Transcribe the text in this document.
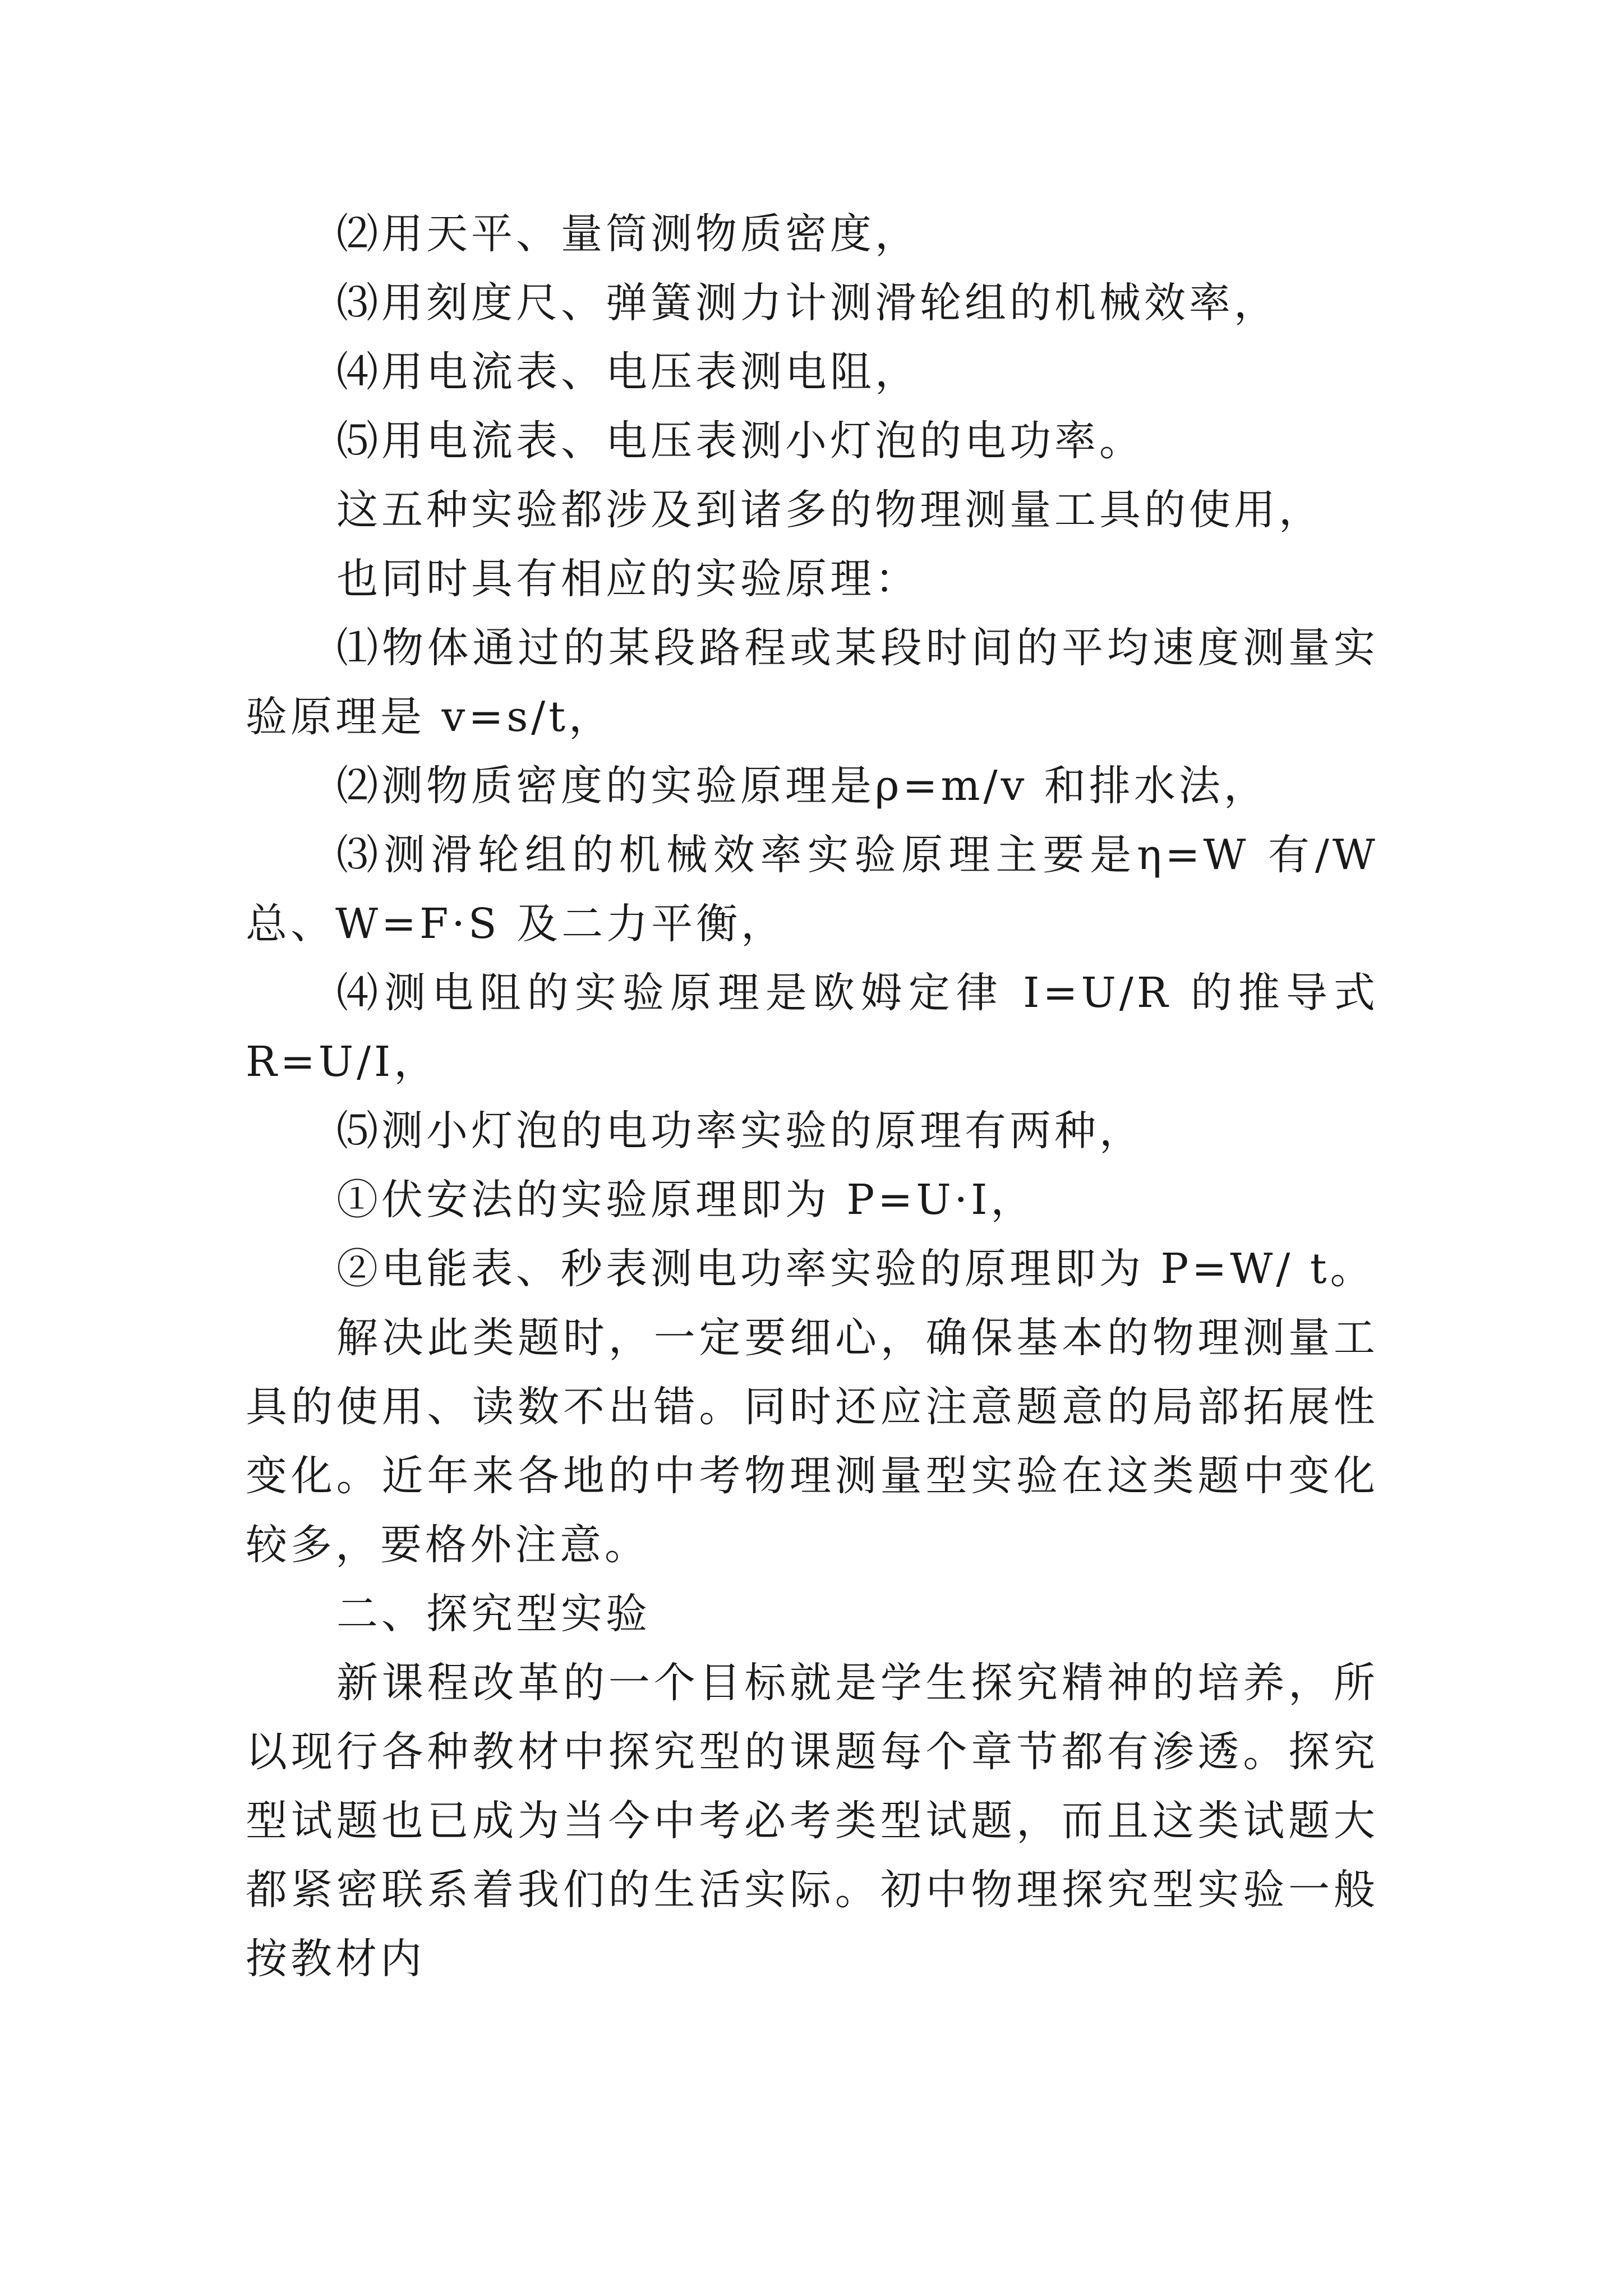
⑵用天平、量筒测物质密度，

⑶用刻度尺、弹簧测力计测滑轮组的机械效率，

⑷用电流表、电压表测电阻，

⑸用电流表、电压表测小灯泡的电功率。

这五种实验都涉及到诸多的物理测量工具的使用，

也同时具有相应的实验原理：

⑴物体通过的某段路程或某段时间的平均速度测量实验原理是 v=s/t，

⑵测物质密度的实验原理是ρ=m/v 和排水法，

⑶测滑轮组的机械效率实验原理主要是η=W 有/W 总、W=F·S 及二力平衡，

⑷测电阻的实验原理是欧姆定律 I=U/R 的推导式 R=U/I，

⑸测小灯泡的电功率实验的原理有两种，

①伏安法的实验原理即为 P=U·I，

②电能表、秒表测电功率实验的原理即为 P=W/ t。

解决此类题时，一定要细心，确保基本的物理测量工具的使用、读数不出错。同时还应注意题意的局部拓展性变化。近年来各地的中考物理测量型实验在这类题中变化较多，要格外注意。

二、探究型实验

新课程改革的一个目标就是学生探究精神的培养，所以现行各种教材中探究型的课题每个章节都有渗透。探究型试题也已成为当今中考必考类型试题，而且这类试题大都紧密联系着我们的生活实际。初中物理探究型实验一般按教材内
